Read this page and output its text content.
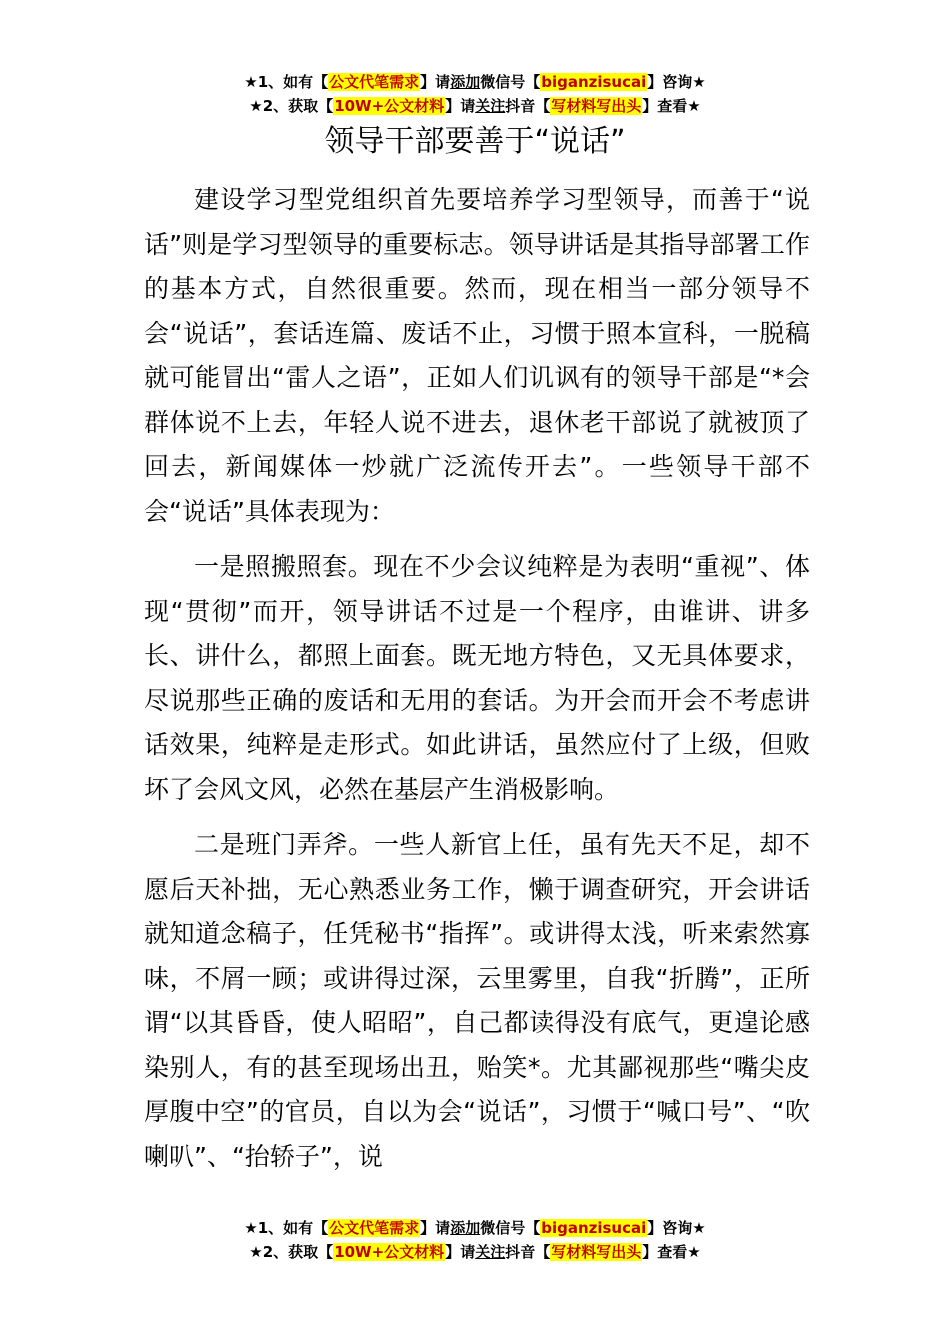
★1、如有【公文代笔需求】请添加微信号【biganzisucai】咨询★
★2、获取【10W+公文材料】请关注抖音【写材料写出头】查看★
领导干部要善于“说话”

建设学习型党组织首先要培养学习型领导，而善于“说话”则是学习型领导的重要标志。领导讲话是其指导部署工作的基本方式，自然很重要。然而，现在相当一部分领导不会“说话”，套话连篇、废话不止，习惯于照本宣科，一脱稿就可能冒出“雷人之语”，正如人们讥讽有的领导干部是“*会群体说不上去，年轻人说不进去，退休老干部说了就被顶了回去，新闻媒体一炒就广泛流传开去”。一些领导干部不会“说话”具体表现为：

一是照搬照套。现在不少会议纯粹是为表明“重视”、体现“贯彻”而开，领导讲话不过是一个程序，由谁讲、讲多长、讲什么，都照上面套。既无地方特色，又无具体要求，尽说那些正确的废话和无用的套话。为开会而开会不考虑讲话效果，纯粹是走形式。如此讲话，虽然应付了上级，但败坏了会风文风，必然在基层产生消极影响。

二是班门弄斧。一些人新官上任，虽有先天不足，却不愿后天补拙，无心熟悉业务工作，懒于调查研究，开会讲话就知道念稿子，任凭秘书“指挥”。或讲得太浅，听来索然寡味，不屑一顾；或讲得过深，云里雾里，自我“折腾”，正所谓“以其昏昏，使人昭昭”，自己都读得没有底气，更遑论感染别人，有的甚至现场出丑，贻笑*。尤其鄙视那些“嘴尖皮厚腹中空”的官员，自以为会“说话”，习惯于“喊口号”、“吹喇叭”、“抬轿子”，说

★1、如有【公文代笔需求】请添加微信号【biganzisucai】咨询★
★2、获取【10W+公文材料】请关注抖音【写材料写出头】查看★
